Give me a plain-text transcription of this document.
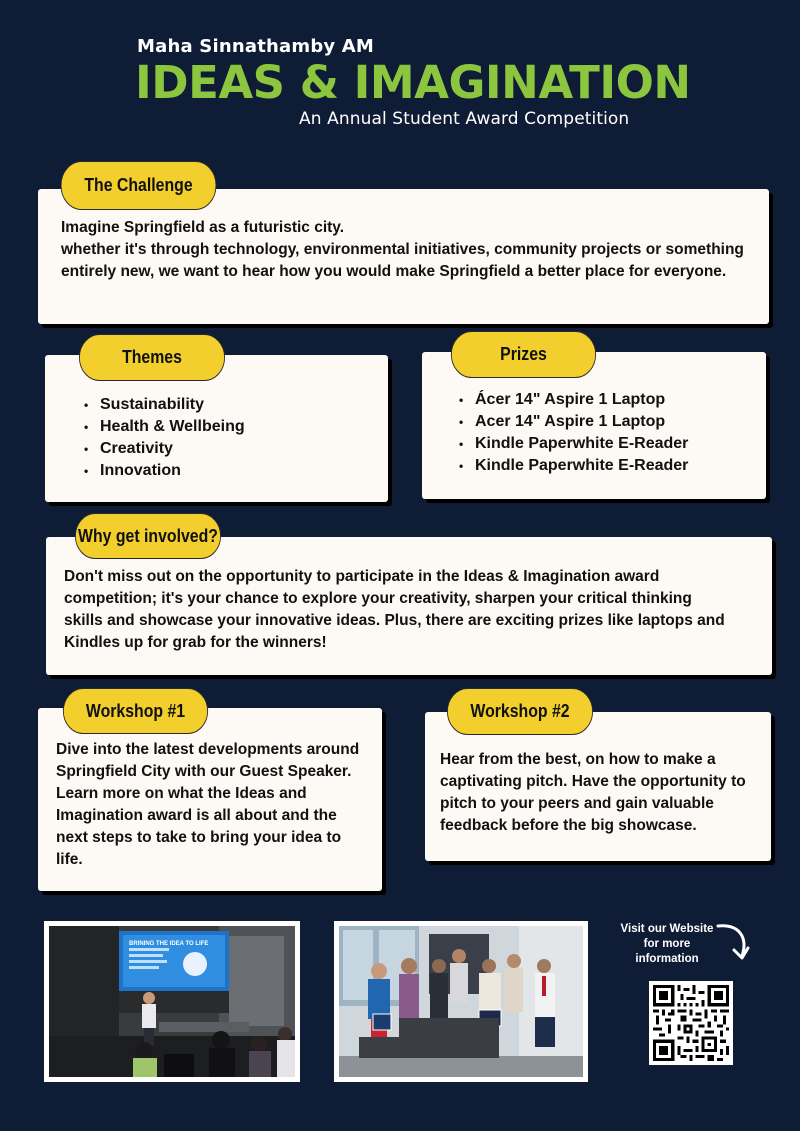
Maha Sinnathamby AM
IDEAS & IMAGINATION
An Annual Student Award Competition
Imagine Springfield as a futuristic city.
whether it's through technology, environmental initiatives, community projects or something entirely new, we want to hear how you would make Springfield a better place for everyone.
The Challenge
• Sustainability
• Health & Wellbeing
• Creativity
• Innovation
Themes
• Ácer 14" Aspire 1 Laptop
• Acer 14" Aspire 1 Laptop
• Kindle Paperwhite E-Reader
• Kindle Paperwhite E-Reader
Prizes
Don't miss out on the opportunity to participate in the Ideas & Imagination award competition; it's your chance to explore your creativity, sharpen your critical thinking skills and showcase your innovative ideas. Plus, there are exciting prizes like laptops and Kindles up for grab for the winners!
Why get involved?
Dive into the latest developments around Springfield City with our Guest Speaker. Learn more on what the Ideas and Imagination award is all about and the next steps to take to bring your idea to life.
Workshop #1
Hear from the best, on how to make a captivating pitch. Have the opportunity to pitch to your peers and gain valuable feedback before the big showcase.
Workshop #2
BRINING THE IDEA TO LIFE
Visit our Website for more information
